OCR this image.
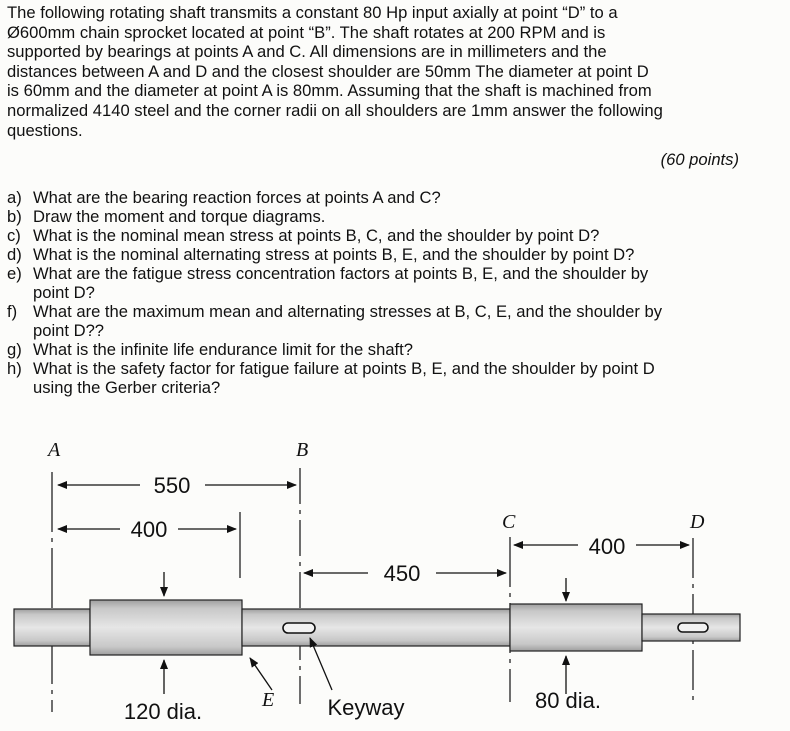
The following rotating shaft transmits a constant 80 Hp input axially at point “D” to a
Ø600mm chain sprocket located at point “B”. The shaft rotates at 200 RPM and is
supported by bearings at points A and C. All dimensions are in millimeters and the
distances between A and D and the closest shoulder are 50mm The diameter at point D
is 60mm and the diameter at point A is 80mm. Assuming that the shaft is machined from
normalized 4140 steel and the corner radii on all shoulders are 1mm answer the following
questions.
(60 points)
a) What are the bearing reaction forces at points A and C?
b) Draw the moment and torque diagrams.
c) What is the nominal mean stress at points B, C, and the shoulder by point D?
d) What is the nominal alternating stress at points B, E, and the shoulder by point D?
e) What are the fatigue stress concentration factors at points B, E, and the shoulder by
point D?
f) What are the maximum mean and alternating stresses at B, C, E, and the shoulder by
point D??
g) What is the infinite life endurance limit for the shaft?
h) What is the safety factor for fatigue failure at points B, E, and the shoulder by point D
using the Gerber criteria?
A	B
C	D
E
550
400
450
400
120 dia.	Keyway	80 dia.
